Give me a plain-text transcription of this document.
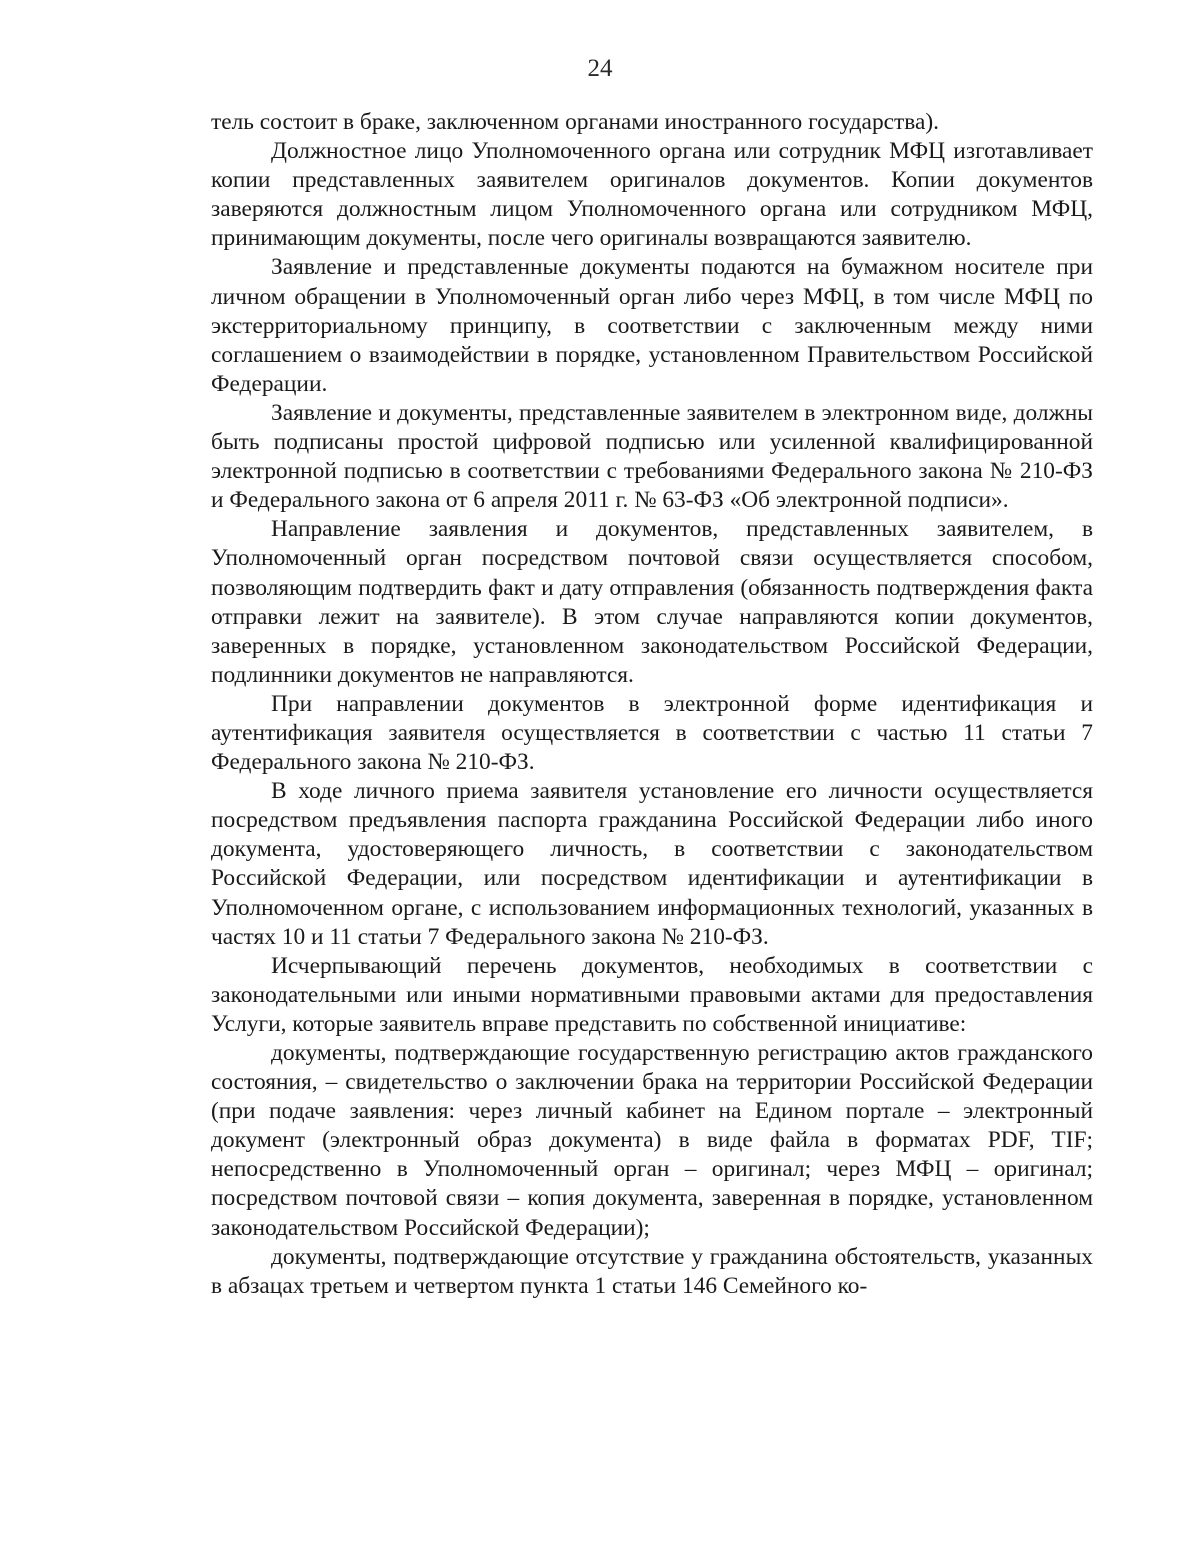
24

тель состоит в браке, заключенном органами иностранного государства).

Должностное лицо Уполномоченного органа или сотрудник МФЦ изготавливает копии представленных заявителем оригиналов документов. Копии документов заверяются должностным лицом Уполномоченного органа или сотрудником МФЦ, принимающим документы, после чего оригиналы возвращаются заявителю.

Заявление и представленные документы подаются на бумажном носителе при личном обращении в Уполномоченный орган либо через МФЦ, в том числе МФЦ по экстерриториальному принципу, в соответствии с заключенным между ними соглашением о взаимодействии в порядке, установленном Правительством Российской Федерации.

Заявление и документы, представленные заявителем в электронном виде, должны быть подписаны простой цифровой подписью или усиленной квалифицированной электронной подписью в соответствии с требованиями Федерального закона № 210-ФЗ и Федерального закона от 6 апреля 2011 г. № 63-ФЗ «Об электронной подписи».

Направление заявления и документов, представленных заявителем, в Уполномоченный орган посредством почтовой связи осуществляется способом, позволяющим подтвердить факт и дату отправления (обязанность подтверждения факта отправки лежит на заявителе). В этом случае направляются копии документов, заверенных в порядке, установленном законодательством Российской Федерации, подлинники документов не направляются.

При направлении документов в электронной форме идентификация и аутентификация заявителя осуществляется в соответствии с частью 11 статьи 7 Федерального закона № 210-ФЗ.

В ходе личного приема заявителя установление его личности осуществляется посредством предъявления паспорта гражданина Российской Федерации либо иного документа, удостоверяющего личность, в соответствии с законодательством Российской Федерации, или посредством идентификации и аутентификации в Уполномоченном органе, с использованием информационных технологий, указанных в частях 10 и 11 статьи 7 Федерального закона № 210-ФЗ.

Исчерпывающий перечень документов, необходимых в соответствии с законодательными или иными нормативными правовыми актами для предоставления Услуги, которые заявитель вправе представить по собственной инициативе:

документы, подтверждающие государственную регистрацию актов гражданского состояния, – свидетельство о заключении брака на территории Российской Федерации (при подаче заявления: через личный кабинет на Едином портале – электронный документ (электронный образ документа) в виде файла в форматах PDF, TIF; непосредственно в Уполномоченный орган – оригинал; через МФЦ – оригинал; посредством почтовой связи – копия документа, заверенная в порядке, установленном законодательством Российской Федерации);

документы, подтверждающие отсутствие у гражданина обстоятельств, указанных в абзацах третьем и четвертом пункта 1 статьи 146 Семейного ко-
